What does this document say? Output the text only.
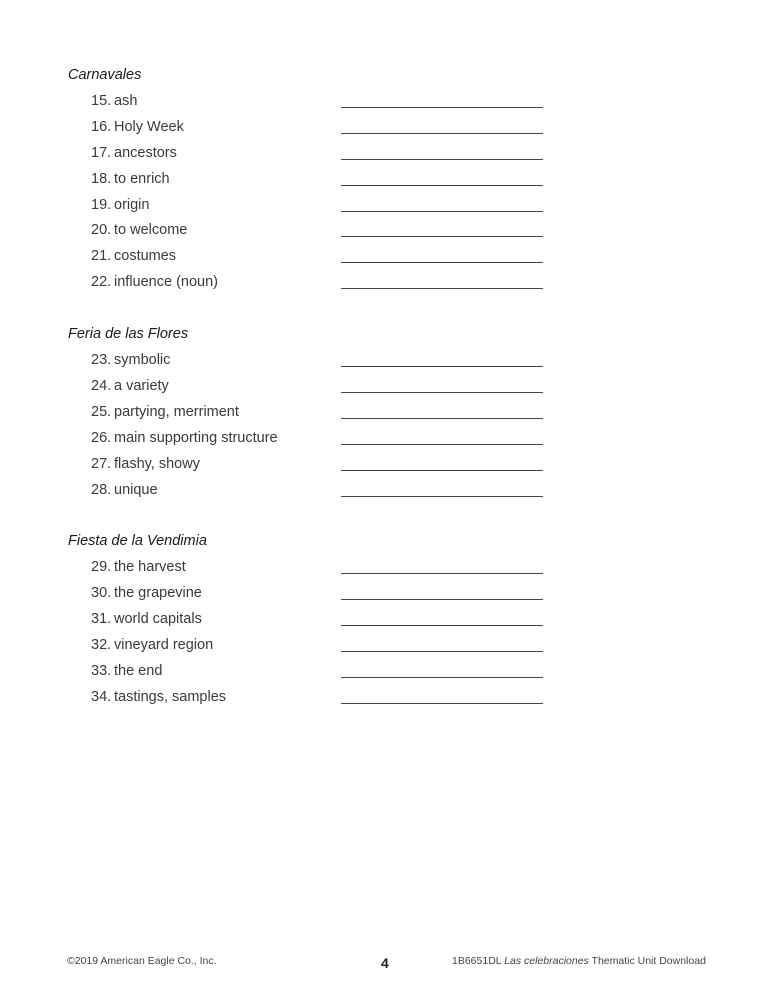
Carnavales
15. ash
16. Holy Week
17. ancestors
18. to enrich
19. origin
20. to welcome
21. costumes
22. influence (noun)
Feria de las Flores
23. symbolic
24. a variety
25. partying, merriment
26. main supporting structure
27. flashy, showy
28. unique
Fiesta de la Vendimia
29. the harvest
30. the grapevine
31. world capitals
32. vineyard region
33. the end
34. tastings, samples
©2019 American Eagle Co., Inc.	4	1B6651DL Las celebraciones Thematic Unit Download
